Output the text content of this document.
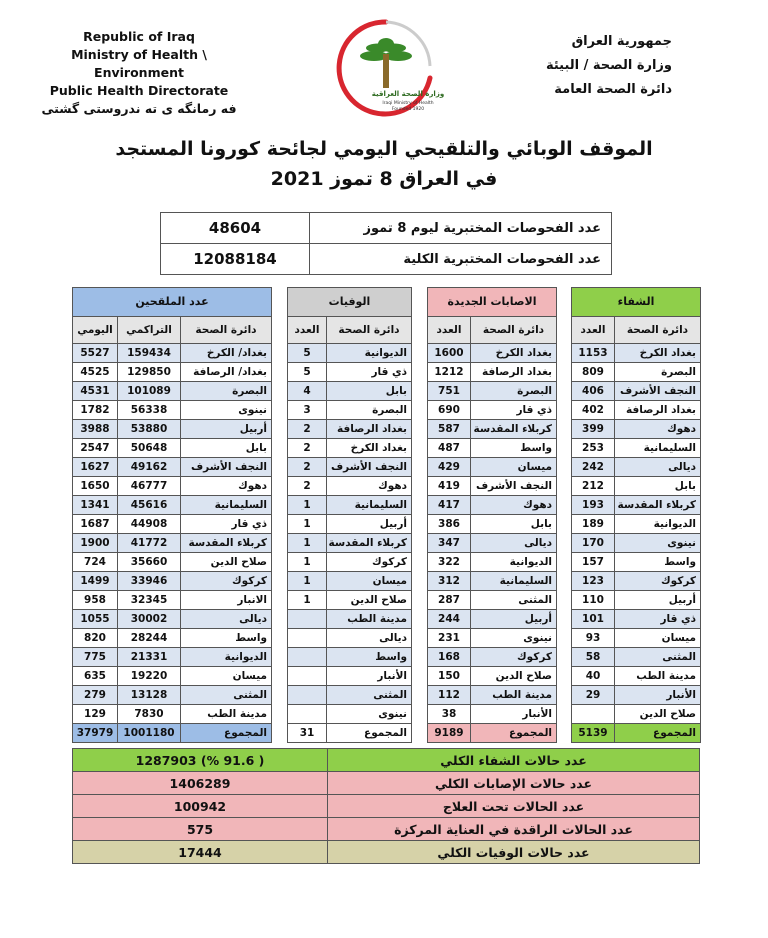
Republic of Iraq
Ministry of Health \ Environment
Public Health Directorate
فه رمانگه ى ته ندروستى گشتى
وزارة الصحة العراقية
Iraqi Ministry of Health
Founded 1920
جمهورية العراق
وزارة الصحة / البيئة
دائرة الصحة العامة
الموقف الوبائي والتلقيحي اليومي لجائحة كورونا المستجد
في العراق 8 تموز 2021
48604	عدد الفحوصات المختبرية ليوم 8 تموز
12088184	عدد الفحوصات المختبرية الكلية
عدد الملقحين		
اليومي	التراكمي	دائرة الصحة
5527	159434	بغداد/ الكرخ
4525	129850	بغداد/ الرصافة
4531	101089	البصرة
1782	56338	نينوى
3988	53880	أربيل
2547	50648	بابل
1627	49162	النجف الأشرف
1650	46777	دهوك
1341	45616	السليمانية
1687	44908	ذي قار
1900	41772	كربلاء المقدسة
724	35660	صلاح الدين
1499	33946	كركوك
958	32345	الانبار
1055	30002	ديالى
820	28244	واسط
775	21331	الديوانية
635	19220	ميسان
279	13128	المثنى
129	7830	مدينة الطب
37979	1001180	المجموع
الوفيات	
العدد	دائرة الصحة
5	الديوانية
5	ذي قار
4	بابل
3	البصرة
2	بغداد الرصافة
2	بغداد الكرخ
2	النجف الأشرف
2	دهوك
1	السليمانية
1	أربيل
1	كربلاء المقدسة
1	كركوك
1	ميسان
1	صلاح الدين
	مدينة الطب
	ديالى
	واسط
	الأنبار
	المثنى
	نينوى
31	المجموع
الاصابات الجديدة	
العدد	دائرة الصحة
1600	بغداد الكرخ
1212	بغداد الرصافة
751	البصرة
690	ذي قار
587	كربلاء المقدسة
487	واسط
429	ميسان
419	النجف الأشرف
417	دهوك
386	بابل
347	ديالى
322	الديوانية
312	السليمانية
287	المثنى
244	أربيل
231	نينوى
168	كركوك
150	صلاح الدين
112	مدينة الطب
38	الأنبار
9189	المجموع
الشفاء	
العدد	دائرة الصحة
1153	بغداد الكرخ
809	البصرة
406	النجف الأشرف
402	بغداد الرصافة
399	دهوك
253	السليمانية
242	ديالى
212	بابل
193	كربلاء المقدسة
189	الديوانية
170	نينوى
157	واسط
123	كركوك
110	أربيل
101	ذي قار
93	ميسان
58	المثنى
40	مدينة الطب
29	الأنبار
	صلاح الدين
5139	المجموع
1287903 (% 91.6 )	عدد حالات الشفاء الكلي
1406289	عدد حالات الإصابات الكلي
100942	عدد الحالات تحت العلاج
575	عدد الحالات الراقدة في العناية المركزة
17444	عدد حالات الوفيات الكلي
